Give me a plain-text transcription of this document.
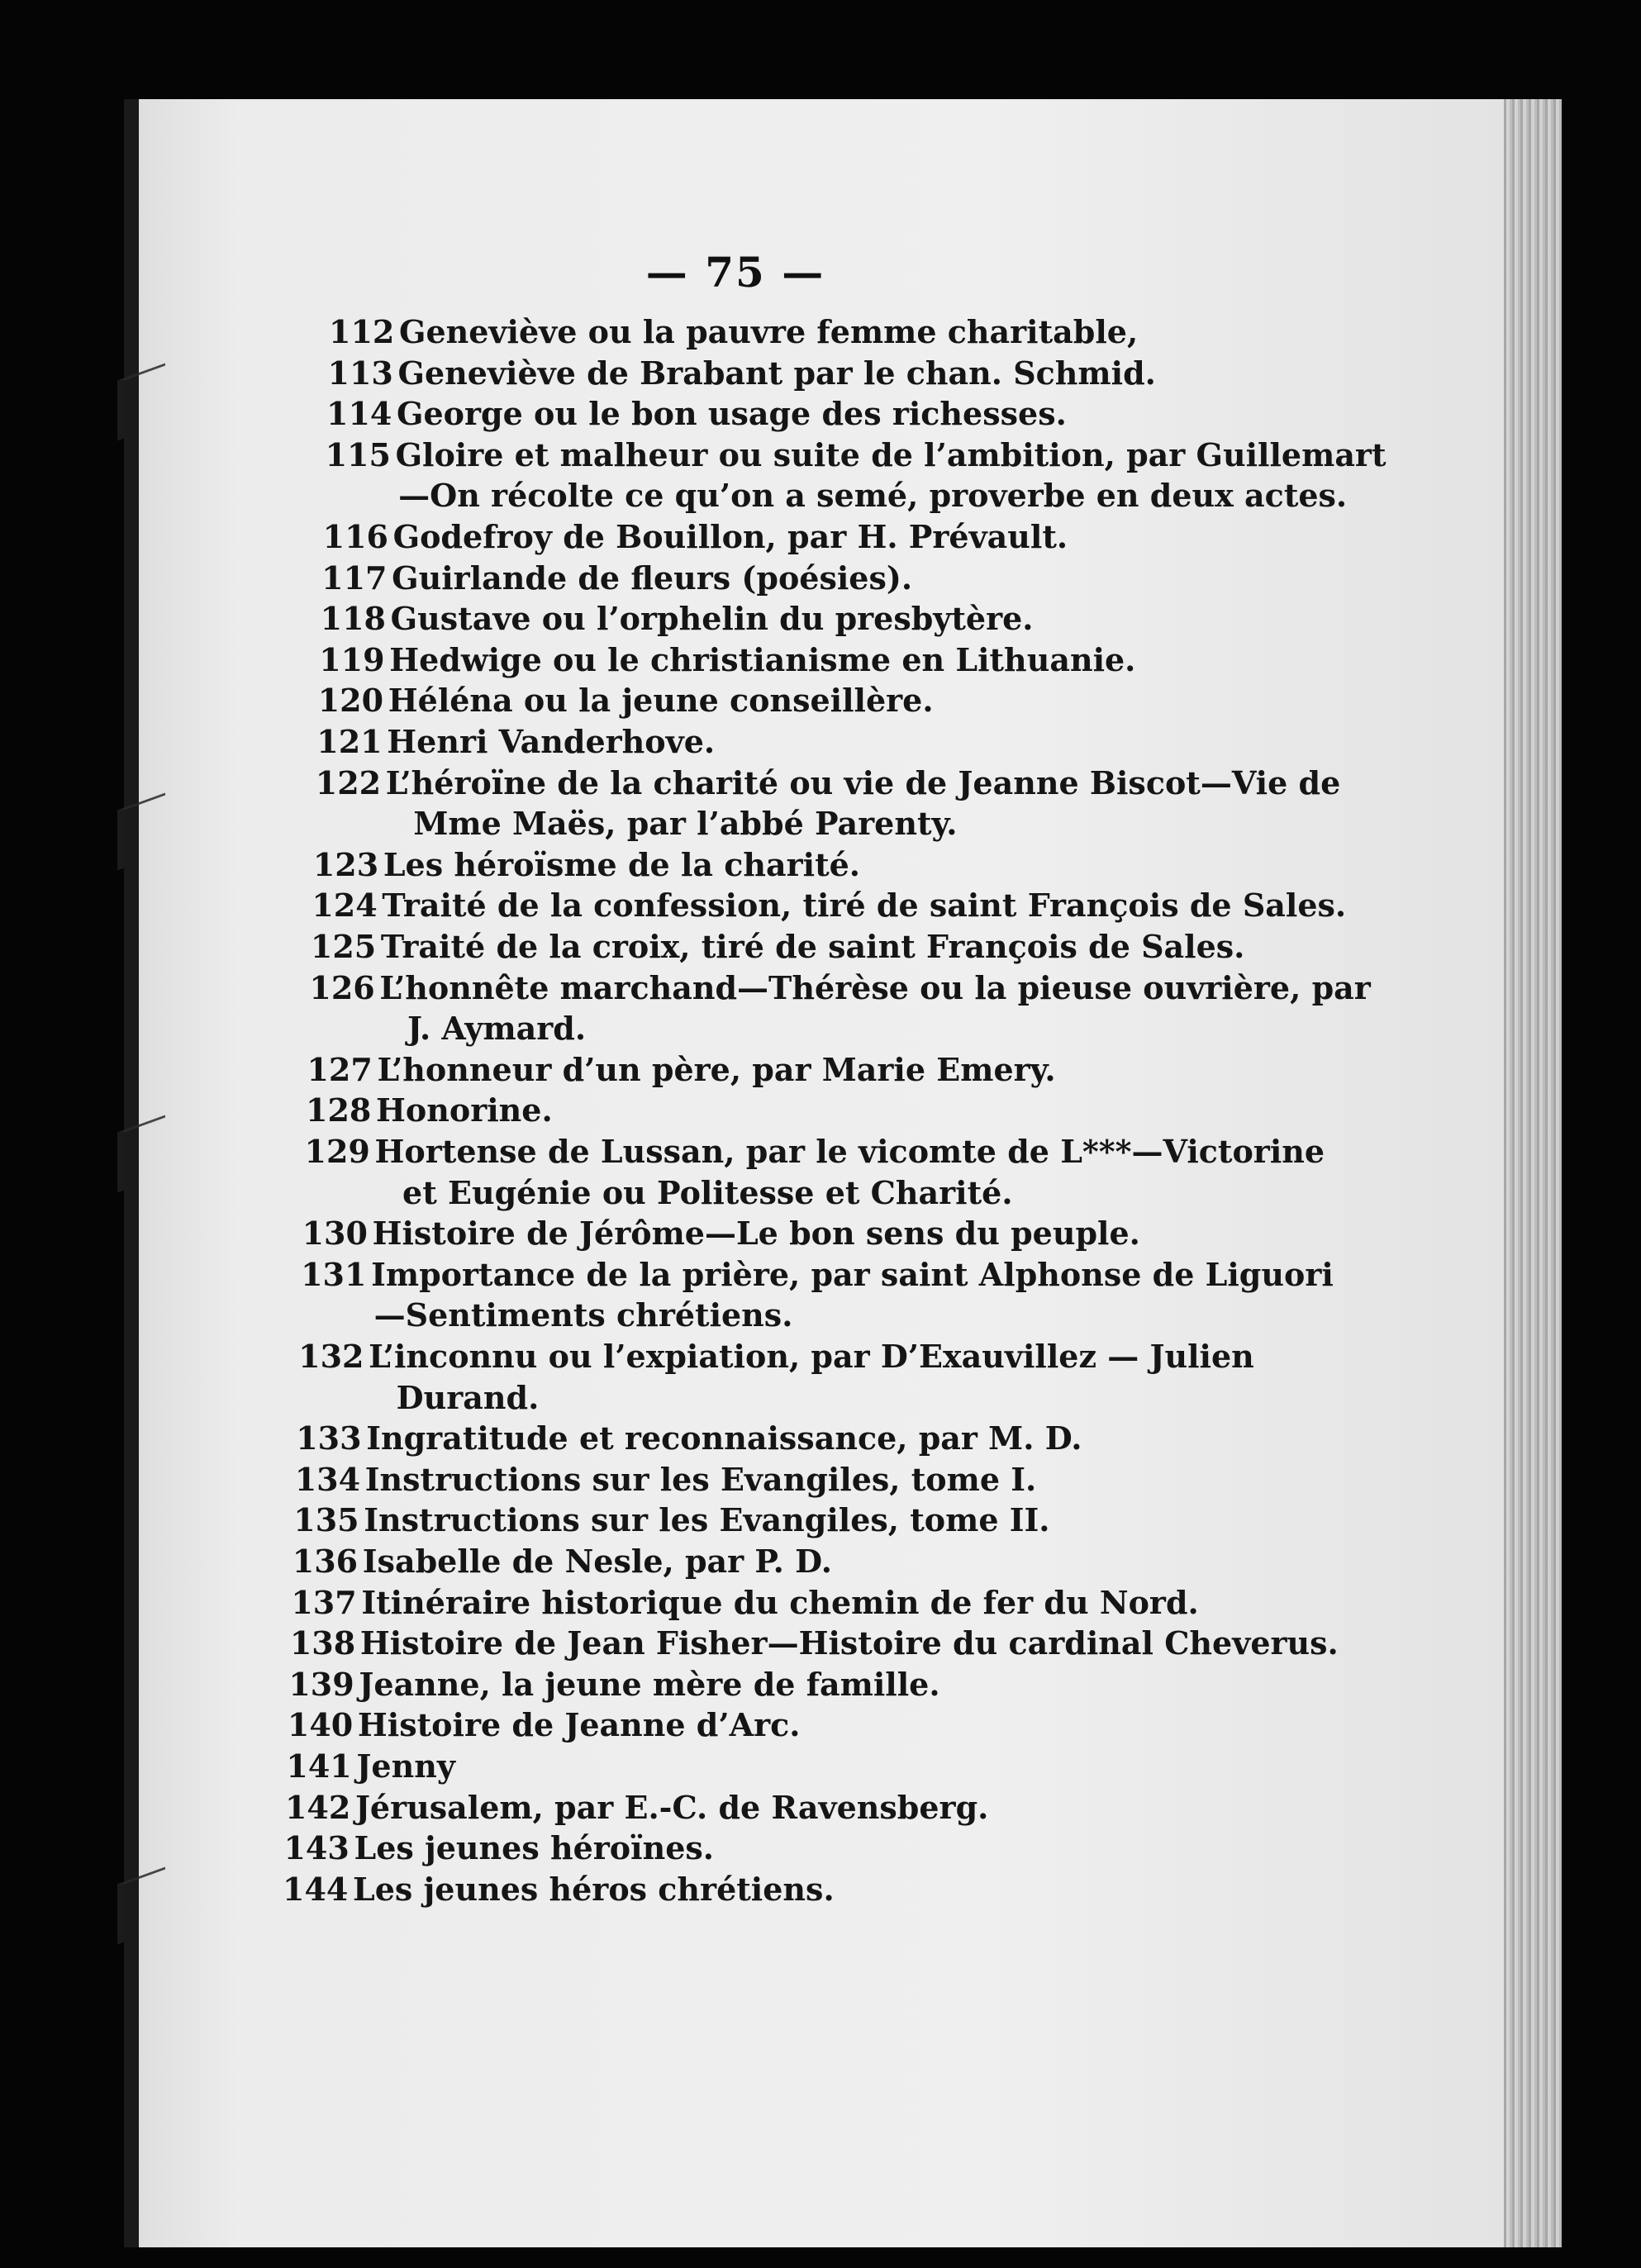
— 75 —
112 Geneviève ou la pauvre femme charitable,
113 Geneviève de Brabant par le chan. Schmid.
114 George ou le bon usage des richesses.
115 Gloire et malheur ou suite de l’ambition, par Guillemart
—On récolte ce qu’on a semé, proverbe en deux actes.
116 Godefroy de Bouillon, par H. Prévault.
117 Guirlande de fleurs (poésies).
118 Gustave ou l’orphelin du presbytère.
119 Hedwige ou le christianisme en Lithuanie.
120 Héléna ou la jeune conseillère.
121 Henri Vanderhove.
122 L’héroïne de la charité ou vie de Jeanne Biscot—Vie de
Mme Maës, par l’abbé Parenty.
123 Les héroïsme de la charité.
124 Traité de la confession, tiré de saint François de Sales.
125 Traité de la croix, tiré de saint François de Sales.
126 L’honnête marchand—Thérèse ou la pieuse ouvrière, par
J. Aymard.
127 L’honneur d’un père, par Marie Emery.
128 Honorine.
129 Hortense de Lussan, par le vicomte de L***—Victorine
et Eugénie ou Politesse et Charité.
130 Histoire de Jérôme—Le bon sens du peuple.
131 Importance de la prière, par saint Alphonse de Liguori
—Sentiments chrétiens.
132 L’inconnu ou l’expiation, par D’Exauvillez — Julien
Durand.
133 Ingratitude et reconnaissance, par M. D.
134 Instructions sur les Evangiles, tome I.
135 Instructions sur les Evangiles, tome II.
136 Isabelle de Nesle, par P. D.
137 Itinéraire historique du chemin de fer du Nord.
138 Histoire de Jean Fisher—Histoire du cardinal Cheverus.
139 Jeanne, la jeune mère de famille.
140 Histoire de Jeanne d’Arc.
141 Jenny
142 Jérusalem, par E.-C. de Ravensberg.
143 Les jeunes héroïnes.
144 Les jeunes héros chrétiens.
